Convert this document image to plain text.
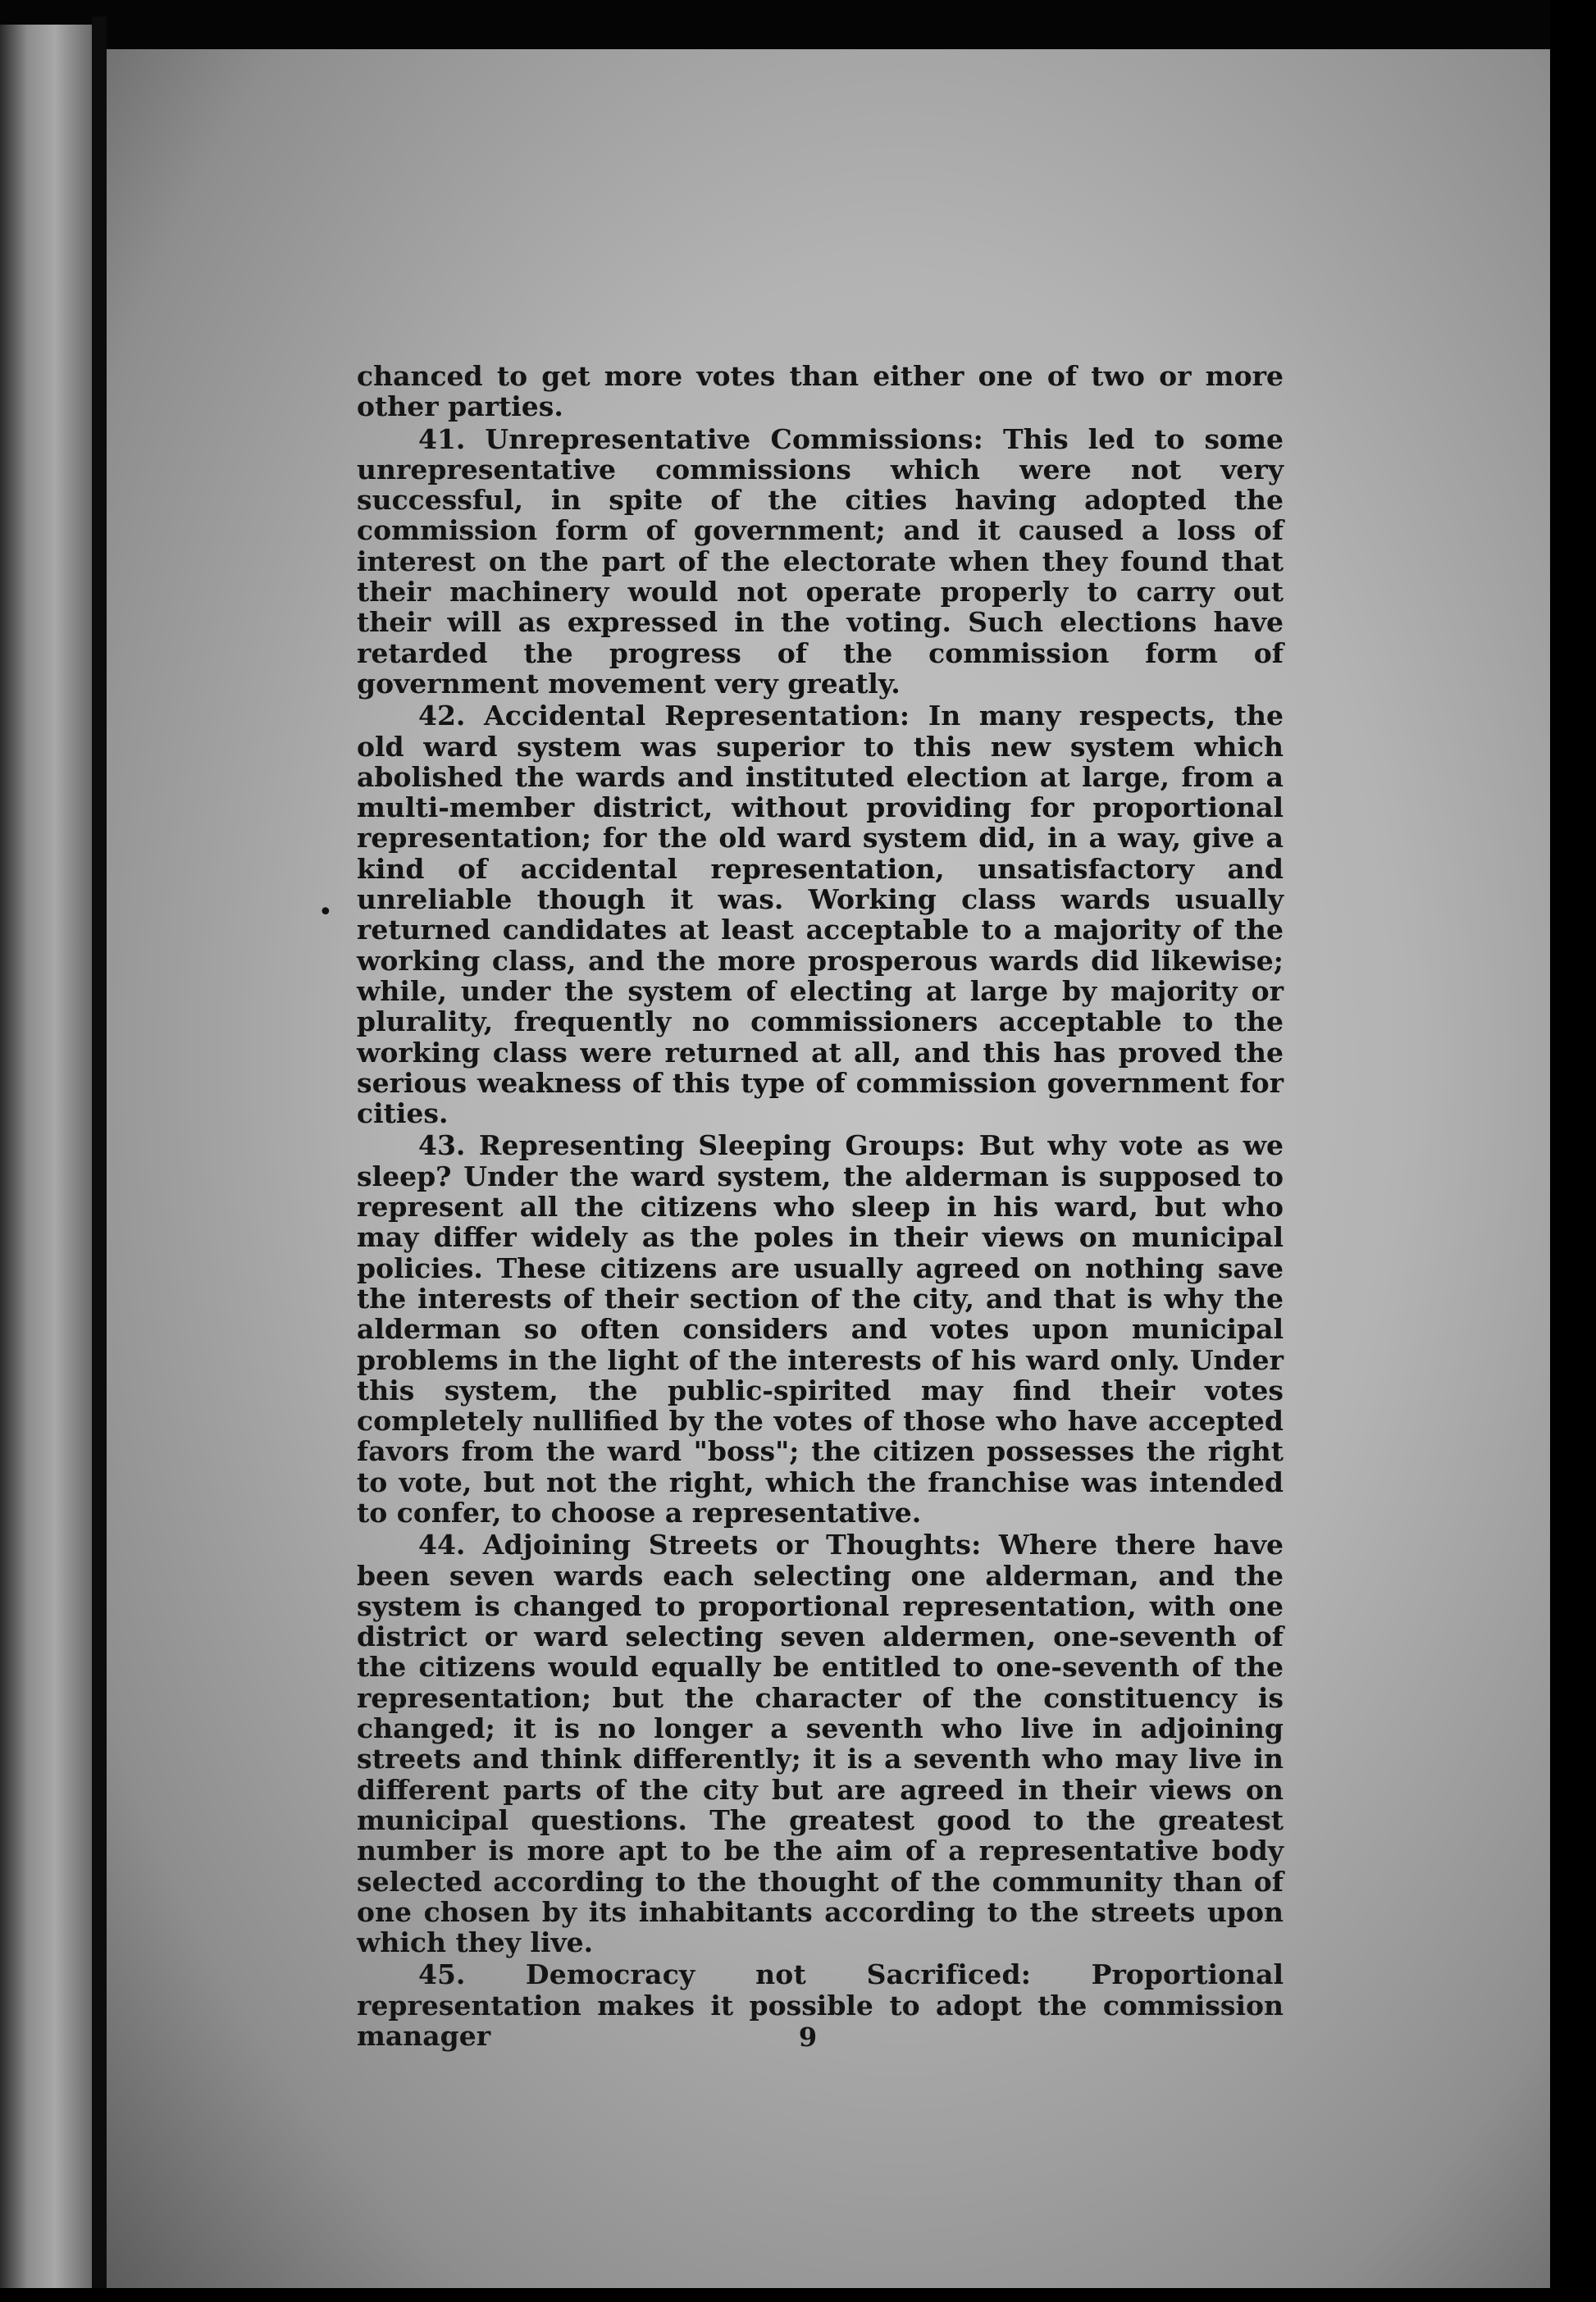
•

chanced to get more votes than either one of two or more other parties.

41. Unrepresentative Commissions: This led to some unrepresentative commissions which were not very successful, in spite of the cities having adopted the commission form of government; and it caused a loss of interest on the part of the electorate when they found that their machinery would not operate properly to carry out their will as expressed in the voting. Such elections have retarded the progress of the commission form of government movement very greatly.

42. Accidental Representation: In many respects, the old ward system was superior to this new system which abolished the wards and instituted election at large, from a multi-member district, without providing for proportional representation; for the old ward system did, in a way, give a kind of accidental representation, unsatisfactory and unreliable though it was. Working class wards usually returned candidates at least acceptable to a majority of the working class, and the more prosperous wards did likewise; while, under the system of electing at large by majority or plurality, frequently no commissioners acceptable to the working class were returned at all, and this has proved the serious weakness of this type of commission government for cities.

43. Representing Sleeping Groups: But why vote as we sleep? Under the ward system, the alderman is supposed to represent all the citizens who sleep in his ward, but who may differ widely as the poles in their views on municipal policies. These citizens are usually agreed on nothing save the interests of their section of the city, and that is why the alderman so often considers and votes upon municipal problems in the light of the interests of his ward only. Under this system, the public-spirited may find their votes completely nullified by the votes of those who have accepted favors from the ward "boss"; the citizen possesses the right to vote, but not the right, which the franchise was intended to confer, to choose a representative.

44. Adjoining Streets or Thoughts: Where there have been seven wards each selecting one alderman, and the system is changed to proportional representation, with one district or ward selecting seven aldermen, one-seventh of the citizens would equally be entitled to one-seventh of the representation; but the character of the constituency is changed; it is no longer a seventh who live in adjoining streets and think differently; it is a seventh who may live in different parts of the city but are agreed in their views on municipal questions. The greatest good to the greatest number is more apt to be the aim of a representative body selected according to the thought of the community than of one chosen by its inhabitants according to the streets upon which they live.

45. Democracy not Sacrificed: Proportional representation makes it possible to adopt the commission manager	9
